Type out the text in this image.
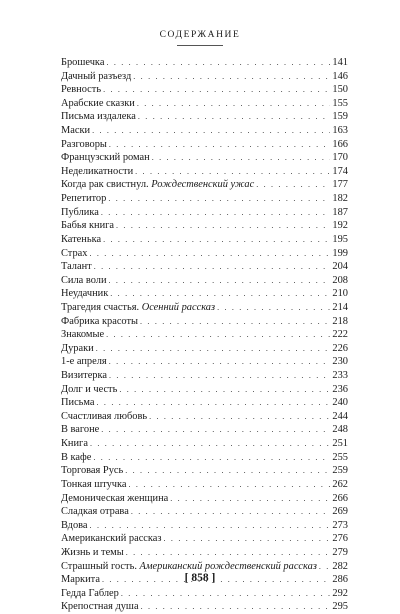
СОДЕРЖАНИЕ
Брошечка . . .	141
Дачный разъезд . . .	146
Ревность . . .	150
Арабские сказки . . .	155
Письма издалека . . .	159
Маски . . .	163
Разговоры . . .	166
Французский роман . . .	170
Неделикатности . . .	174
Когда рак свистнул. Рождественский ужас . . .	177
Репетитор . . .	182
Публика . . .	187
Бабья книга . . .	192
Катенька . . .	195
Страх . . .	199
Талант . . .	204
Сила воли . . .	208
Неудачник . . .	210
Трагедия счастья. Осенний рассказ . . .	214
Фабрика красоты . . .	218
Знакомые . . .	222
Дураки . . .	226
1-е апреля . . .	230
Визитерка . . .	233
Долг и честь . . .	236
Письма . . .	240
Счастливая любовь . . .	244
В вагоне . . .	248
Книга . . .	251
В кафе . . .	255
Торговая Русь . . .	259
Тонкая штучка . . .	262
Демоническая женщина . . .	266
Сладкая отрава . . .	269
Вдова . . .	273
Американский рассказ . . .	276
Жизнь и темы . . .	279
Страшный гость. Американский рождественский рассказ . . . 282
Маркита . . .	286
Гедда Габлер . . .	292
Крепостная душа . . .	295
[ 858 ]
